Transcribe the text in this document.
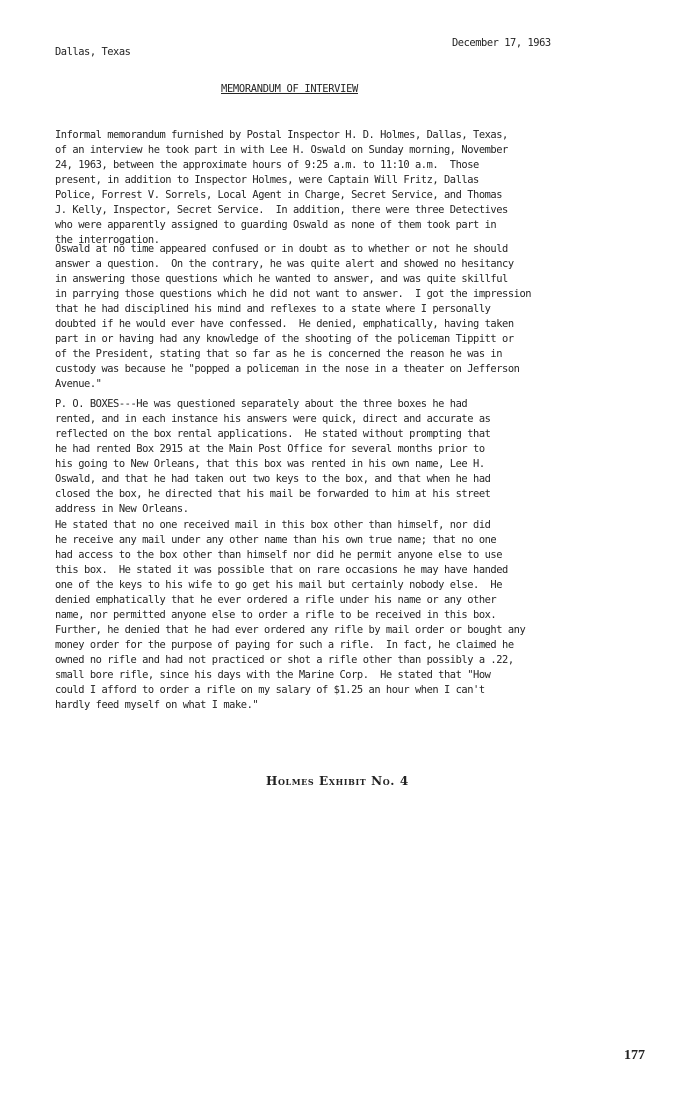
Dallas, Texas
December 17, 1963
MEMORANDUM OF INTERVIEW

Informal memorandum furnished by Postal Inspector H. D. Holmes, Dallas, Texas,
of an interview he took part in with Lee H. Oswald on Sunday morning, November
24, 1963, between the approximate hours of 9:25 a.m. to 11:10 a.m.  Those
present, in addition to Inspector Holmes, were Captain Will Fritz, Dallas
Police, Forrest V. Sorrels, Local Agent in Charge, Secret Service, and Thomas
J. Kelly, Inspector, Secret Service.  In addition, there were three Detectives
who were apparently assigned to guarding Oswald as none of them took part in
the interrogation.

Oswald at no time appeared confused or in doubt as to whether or not he should
answer a question.  On the contrary, he was quite alert and showed no hesitancy
in answering those questions which he wanted to answer, and was quite skillful
in parrying those questions which he did not want to answer.  I got the impression
that he had disciplined his mind and reflexes to a state where I personally
doubted if he would ever have confessed.  He denied, emphatically, having taken
part in or having had any knowledge of the shooting of the policeman Tippitt or
of the President, stating that so far as he is concerned the reason he was in
custody was because he "popped a policeman in the nose in a theater on Jefferson
Avenue."

P. O. BOXES---He was questioned separately about the three boxes he had
rented, and in each instance his answers were quick, direct and accurate as
reflected on the box rental applications.  He stated without prompting that
he had rented Box 2915 at the Main Post Office for several months prior to
his going to New Orleans, that this box was rented in his own name, Lee H.
Oswald, and that he had taken out two keys to the box, and that when he had
closed the box, he directed that his mail be forwarded to him at his street
address in New Orleans.

He stated that no one received mail in this box other than himself, nor did
he receive any mail under any other name than his own true name; that no one
had access to the box other than himself nor did he permit anyone else to use
this box.  He stated it was possible that on rare occasions he may have handed
one of the keys to his wife to go get his mail but certainly nobody else.  He
denied emphatically that he ever ordered a rifle under his name or any other
name, nor permitted anyone else to order a rifle to be received in this box.
Further, he denied that he had ever ordered any rifle by mail order or bought any
money order for the purpose of paying for such a rifle.  In fact, he claimed he
owned no rifle and had not practiced or shot a rifle other than possibly a .22,
small bore rifle, since his days with the Marine Corp.  He stated that "How
could I afford to order a rifle on my salary of $1.25 an hour when I can't
hardly feed myself on what I make."

Holmes Exhibit No. 4
177
